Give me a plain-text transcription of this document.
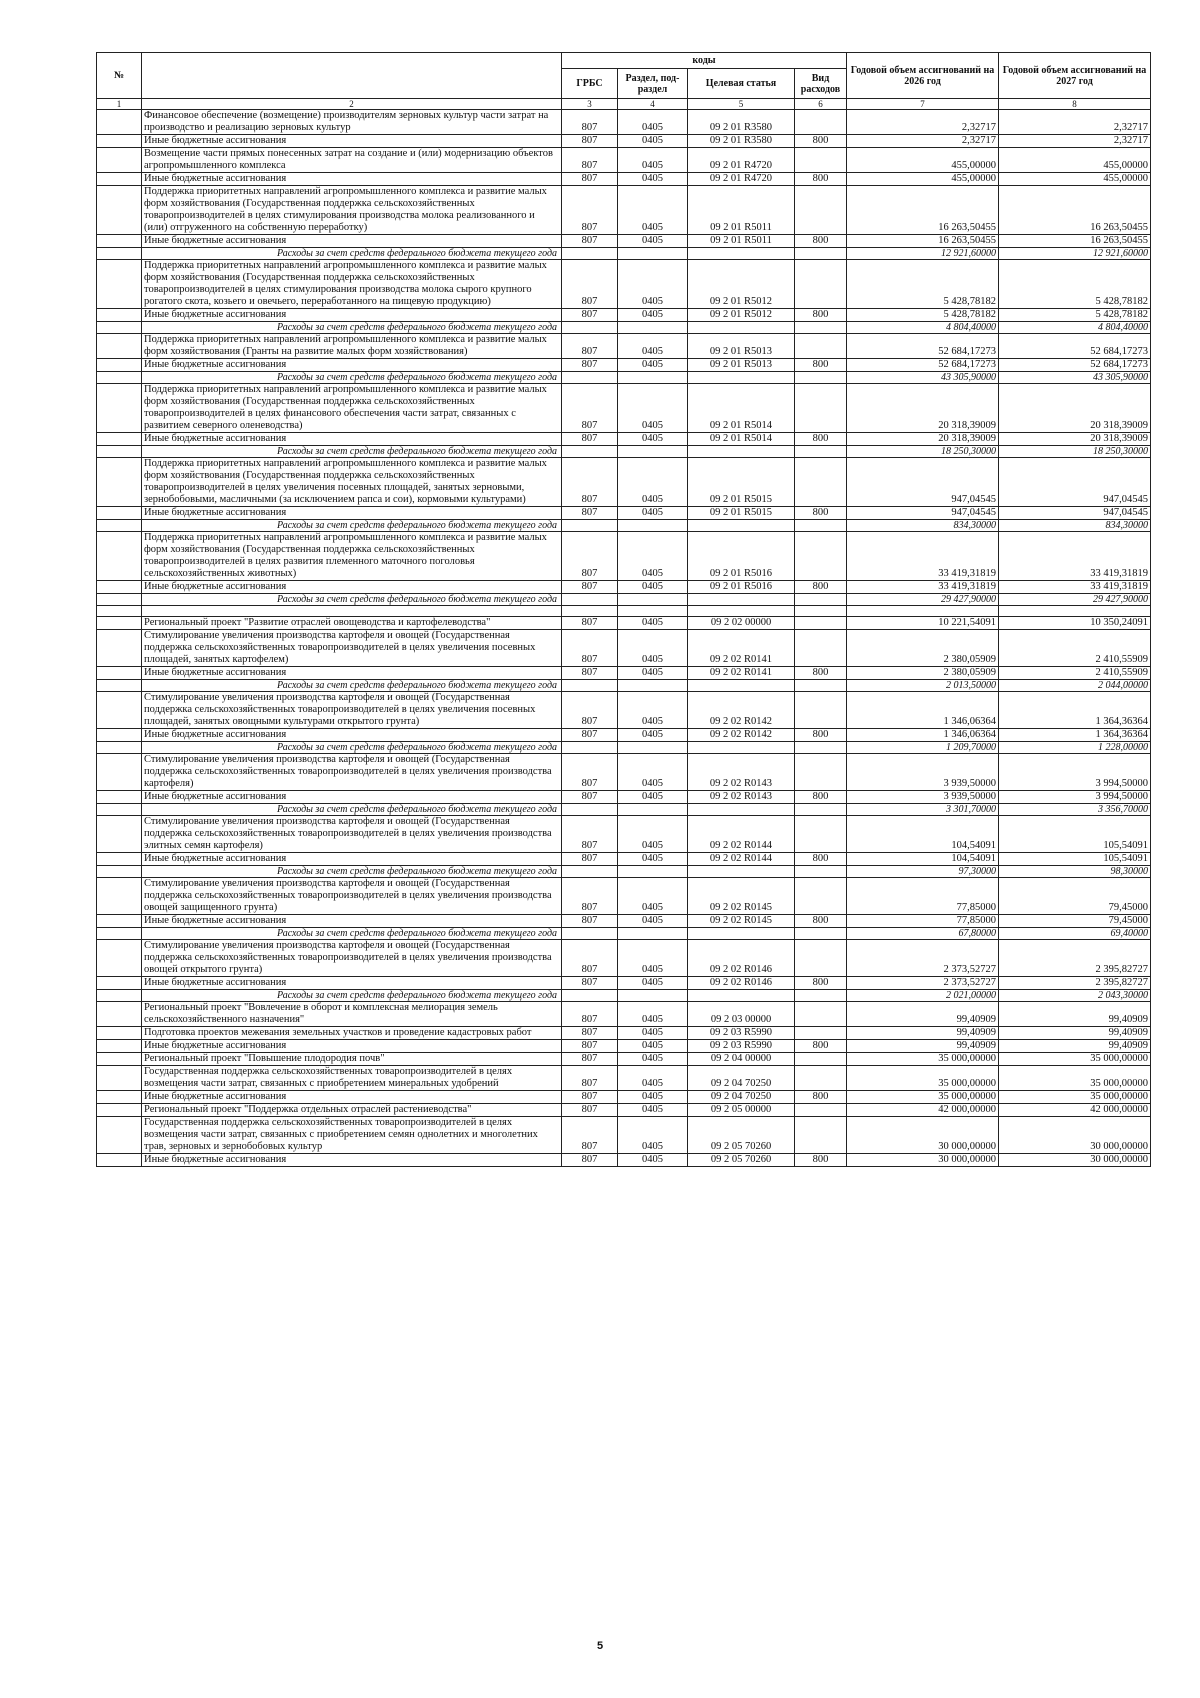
№		коды				Годовой объем ассигнований на 2026 год	Годовой объем ассигнований на 2027 год
		ГРБС	Раздел, под-раздел	Целевая статья	Вид расходов		
1	2	3	4	5	6	7	8
	Финансовое обеспечение (возмещение) производителям зерновых культур части затрат на производство и реализацию зерновых культур	807	0405	09 2 01 R3580		2,32717	2,32717
	Иные бюджетные ассигнования	807	0405	09 2 01 R3580	800	2,32717	2,32717
	Возмещение части прямых понесенных затрат на создание и (или) модернизацию объектов агропромышленного комплекса	807	0405	09 2 01 R4720		455,00000	455,00000
	Иные бюджетные ассигнования	807	0405	09 2 01 R4720	800	455,00000	455,00000
	Поддержка приоритетных направлений агропромышленного комплекса и развитие малых форм хозяйствования (Государственная поддержка сельскохозяйственных товаропроизводителей в целях стимулирования производства молока реализованного и (или) отгруженного на собственную переработку)	807	0405	09 2 01 R5011		16 263,50455	16 263,50455
	Иные бюджетные ассигнования	807	0405	09 2 01 R5011	800	16 263,50455	16 263,50455
	Расходы за счет средств федерального бюджета текущего года					12 921,60000	12 921,60000
	Поддержка приоритетных направлений агропромышленного комплекса и развитие малых форм хозяйствования (Государственная поддержка сельскохозяйственных товаропроизводителей в целях стимулирования производства молока сырого крупного рогатого скота, козьего и овечьего, переработанного на пищевую продукцию)	807	0405	09 2 01 R5012		5 428,78182	5 428,78182
	Иные бюджетные ассигнования	807	0405	09 2 01 R5012	800	5 428,78182	5 428,78182
	Расходы за счет средств федерального бюджета текущего года					4 804,40000	4 804,40000
	Поддержка приоритетных направлений агропромышленного комплекса и развитие малых форм хозяйствования (Гранты на развитие малых форм хозяйствования)	807	0405	09 2 01 R5013		52 684,17273	52 684,17273
	Иные бюджетные ассигнования	807	0405	09 2 01 R5013	800	52 684,17273	52 684,17273
	Расходы за счет средств федерального бюджета текущего года					43 305,90000	43 305,90000
	Поддержка приоритетных направлений агропромышленного комплекса и развитие малых форм хозяйствования (Государственная поддержка сельскохозяйственных товаропроизводителей в целях финансового обеспечения части затрат, связанных с развитием северного оленеводства)	807	0405	09 2 01 R5014		20 318,39009	20 318,39009
	Иные бюджетные ассигнования	807	0405	09 2 01 R5014	800	20 318,39009	20 318,39009
	Расходы за счет средств федерального бюджета текущего года					18 250,30000	18 250,30000
	Поддержка приоритетных направлений агропромышленного комплекса и развитие малых форм хозяйствования (Государственная поддержка сельскохозяйственных товаропроизводителей в целях увеличения посевных площадей, занятых зерновыми, зернобобовыми, масличными (за исключением рапса и сои), кормовыми культурами)	807	0405	09 2 01 R5015		947,04545	947,04545
	Иные бюджетные ассигнования	807	0405	09 2 01 R5015	800	947,04545	947,04545
	Расходы за счет средств федерального бюджета текущего года					834,30000	834,30000
	Поддержка приоритетных направлений агропромышленного комплекса и развитие малых форм хозяйствования (Государственная поддержка сельскохозяйственных товаропроизводителей в целях развития племенного маточного поголовья сельскохозяйственных животных)	807	0405	09 2 01 R5016		33 419,31819	33 419,31819
	Иные бюджетные ассигнования	807	0405	09 2 01 R5016	800	33 419,31819	33 419,31819
	Расходы за счет средств федерального бюджета текущего года					29 427,90000	29 427,90000

	Региональный проект "Развитие отраслей овощеводства и картофелеводства"	807	0405	09 2 02 00000		10 221,54091	10 350,24091
	Стимулирование увеличения производства картофеля и овощей (Государственная поддержка сельскохозяйственных товаропроизводителей в целях увеличения посевных площадей, занятых картофелем)	807	0405	09 2 02 R0141		2 380,05909	2 410,55909
	Иные бюджетные ассигнования	807	0405	09 2 02 R0141	800	2 380,05909	2 410,55909
	Расходы за счет средств федерального бюджета текущего года					2 013,50000	2 044,00000
	Стимулирование увеличения производства картофеля и овощей (Государственная поддержка сельскохозяйственных товаропроизводителей в целях увеличения посевных площадей, занятых овощными культурами открытого грунта)	807	0405	09 2 02 R0142		1 346,06364	1 364,36364
	Иные бюджетные ассигнования	807	0405	09 2 02 R0142	800	1 346,06364	1 364,36364
	Расходы за счет средств федерального бюджета текущего года					1 209,70000	1 228,00000
	Стимулирование увеличения производства картофеля и овощей (Государственная поддержка сельскохозяйственных товаропроизводителей в целях увеличения производства картофеля)	807	0405	09 2 02 R0143		3 939,50000	3 994,50000
	Иные бюджетные ассигнования	807	0405	09 2 02 R0143	800	3 939,50000	3 994,50000
	Расходы за счет средств федерального бюджета текущего года					3 301,70000	3 356,70000
	Стимулирование увеличения производства картофеля и овощей (Государственная поддержка сельскохозяйственных товаропроизводителей в целях увеличения производства элитных семян картофеля)	807	0405	09 2 02 R0144		104,54091	105,54091
	Иные бюджетные ассигнования	807	0405	09 2 02 R0144	800	104,54091	105,54091
	Расходы за счет средств федерального бюджета текущего года					97,30000	98,30000
	Стимулирование увеличения производства картофеля и овощей (Государственная поддержка сельскохозяйственных товаропроизводителей в целях увеличения производства овощей защищенного грунта)	807	0405	09 2 02 R0145		77,85000	79,45000
	Иные бюджетные ассигнования	807	0405	09 2 02 R0145	800	77,85000	79,45000
	Расходы за счет средств федерального бюджета текущего года					67,80000	69,40000
	Стимулирование увеличения производства картофеля и овощей (Государственная поддержка сельскохозяйственных товаропроизводителей в целях увеличения производства овощей открытого грунта)	807	0405	09 2 02 R0146		2 373,52727	2 395,82727
	Иные бюджетные ассигнования	807	0405	09 2 02 R0146	800	2 373,52727	2 395,82727
	Расходы за счет средств федерального бюджета текущего года					2 021,00000	2 043,30000
	Региональный проект "Вовлечение в оборот и комплексная мелиорация земель сельскохозяйственного назначения"	807	0405	09 2 03 00000		99,40909	99,40909
	Подготовка проектов межевания земельных участков и проведение кадастровых работ	807	0405	09 2 03 R5990		99,40909	99,40909
	Иные бюджетные ассигнования	807	0405	09 2 03 R5990	800	99,40909	99,40909
	Региональный проект "Повышение плодородия почв"	807	0405	09 2 04 00000		35 000,00000	35 000,00000
	Государственная поддержка сельскохозяйственных товаропроизводителей в целях возмещения части затрат, связанных с приобретением минеральных удобрений	807	0405	09 2 04 70250		35 000,00000	35 000,00000
	Иные бюджетные ассигнования	807	0405	09 2 04 70250	800	35 000,00000	35 000,00000
	Региональный проект "Поддержка отдельных отраслей растениеводства"	807	0405	09 2 05 00000		42 000,00000	42 000,00000
	Государственная поддержка сельскохозяйственных товаропроизводителей в целях возмещения части затрат, связанных с приобретением семян однолетних и многолетних трав, зерновых и зернобобовых культур	807	0405	09 2 05 70260		30 000,00000	30 000,00000
	Иные бюджетные ассигнования	807	0405	09 2 05 70260	800	30 000,00000	30 000,00000
5
